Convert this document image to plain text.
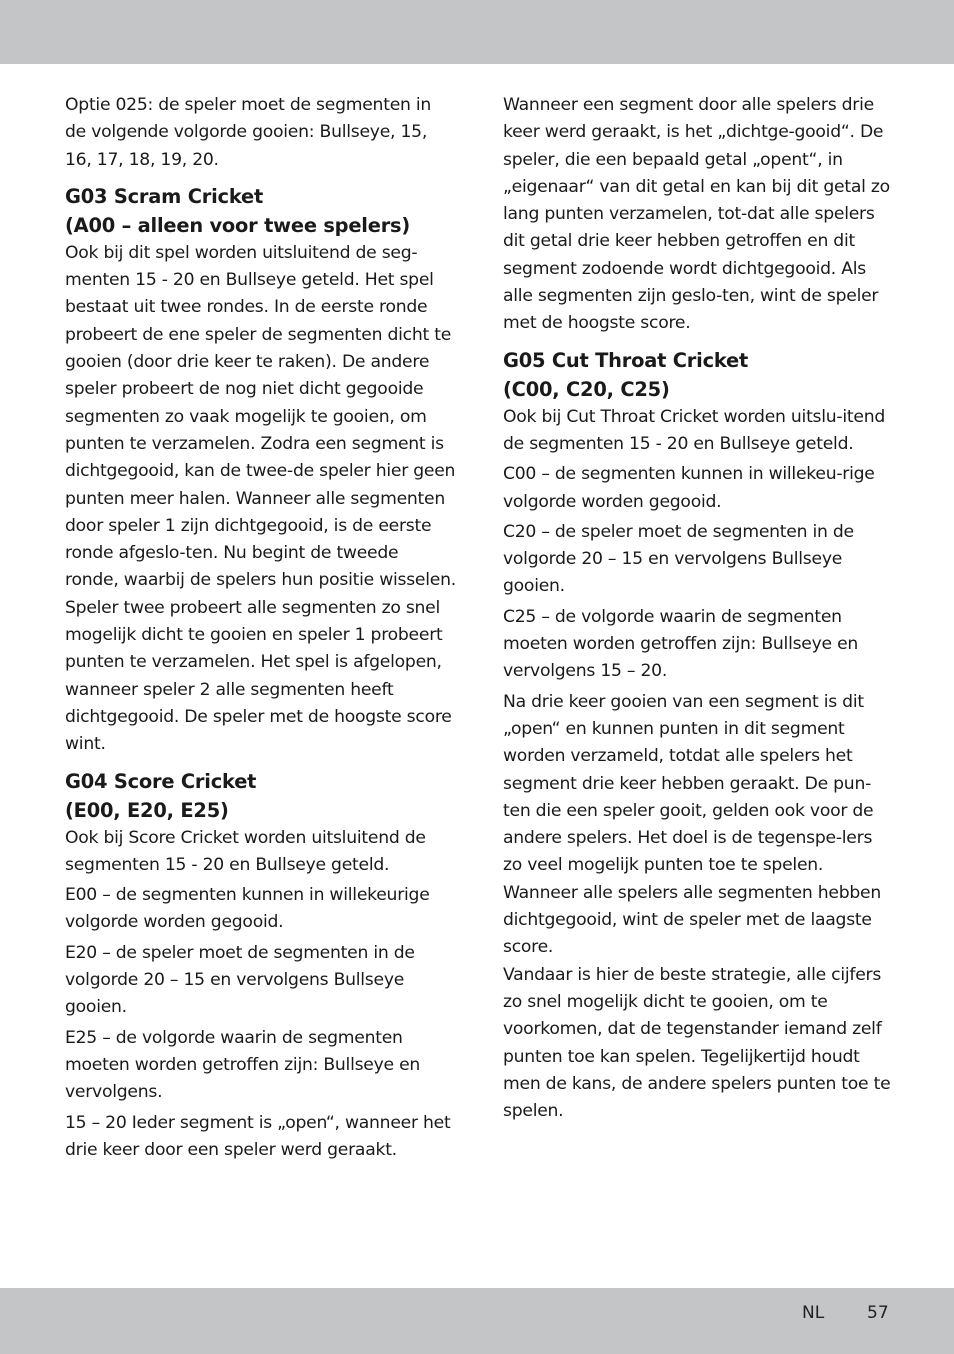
Optie 025: de speler moet de segmenten in de volgende volgorde gooien: Bullseye, 15, 16, 17, 18, 19, 20.

G03 Scram Cricket
(A00 – alleen voor twee spelers)

Ook bij dit spel worden uitsluitend de seg-menten 15 - 20 en Bullseye geteld. Het spel bestaat uit twee rondes. In de eerste ronde probeert de ene speler de segmenten dicht te gooien (door drie keer te raken). De andere speler probeert de nog niet dicht gegooide segmenten zo vaak mogelijk te gooien, om punten te verzamelen. Zodra een segment is dichtgegooid, kan de twee-de speler hier geen punten meer halen. Wanneer alle segmenten door speler 1 zijn dichtgegooid, is de eerste ronde afgeslo-ten. Nu begint de tweede ronde, waarbij de spelers hun positie wisselen. Speler twee probeert alle segmenten zo snel mogelijk dicht te gooien en speler 1 probeert punten te verzamelen. Het spel is afgelopen, wanneer speler 2 alle segmenten heeft dichtgegooid. De speler met de hoogste score wint.

G04 Score Cricket
(E00, E20, E25)

Ook bij Score Cricket worden uitsluitend de segmenten 15 - 20 en Bullseye geteld.

E00 – de segmenten kunnen in willekeurige volgorde worden gegooid.

E20 – de speler moet de segmenten in de volgorde 20 – 15 en vervolgens Bullseye gooien.

E25 – de volgorde waarin de segmenten moeten worden getroffen zijn: Bullseye en vervolgens.

15 – 20 Ieder segment is „open“, wanneer het drie keer door een speler werd geraakt.

Wanneer een segment door alle spelers drie keer werd geraakt, is het „dichtge-gooid“. De speler, die een bepaald getal „opent“, in „eigenaar“ van dit getal en kan bij dit getal zo lang punten verzamelen, tot-dat alle spelers dit getal drie keer hebben getroffen en dit segment zodoende wordt dichtgegooid. Als alle segmenten zijn geslo-ten, wint de speler met de hoogste score.

G05 Cut Throat Cricket
(C00, C20, C25)

Ook bij Cut Throat Cricket worden uitslu-itend de segmenten 15 - 20 en Bullseye geteld.

C00 – de segmenten kunnen in willekeu-rige volgorde worden gegooid.

C20 – de speler moet de segmenten in de volgorde 20 – 15 en vervolgens Bullseye gooien.

C25 – de volgorde waarin de segmenten moeten worden getroffen zijn: Bullseye en vervolgens 15 – 20.

Na drie keer gooien van een segment is dit „open“ en kunnen punten in dit segment worden verzameld, totdat alle spelers het segment drie keer hebben geraakt. De pun-ten die een speler gooit, gelden ook voor de andere spelers. Het doel is de tegenspe-lers zo veel mogelijk punten toe te spelen.

Wanneer alle spelers alle segmenten hebben dichtgegooid, wint de speler met de laagste score.

Vandaar is hier de beste strategie, alle cijfers zo snel mogelijk dicht te gooien, om te voorkomen, dat de tegenstander iemand zelf punten toe kan spelen. Tegelijkertijd houdt men de kans, de andere spelers punten toe te spelen.

NL	57
